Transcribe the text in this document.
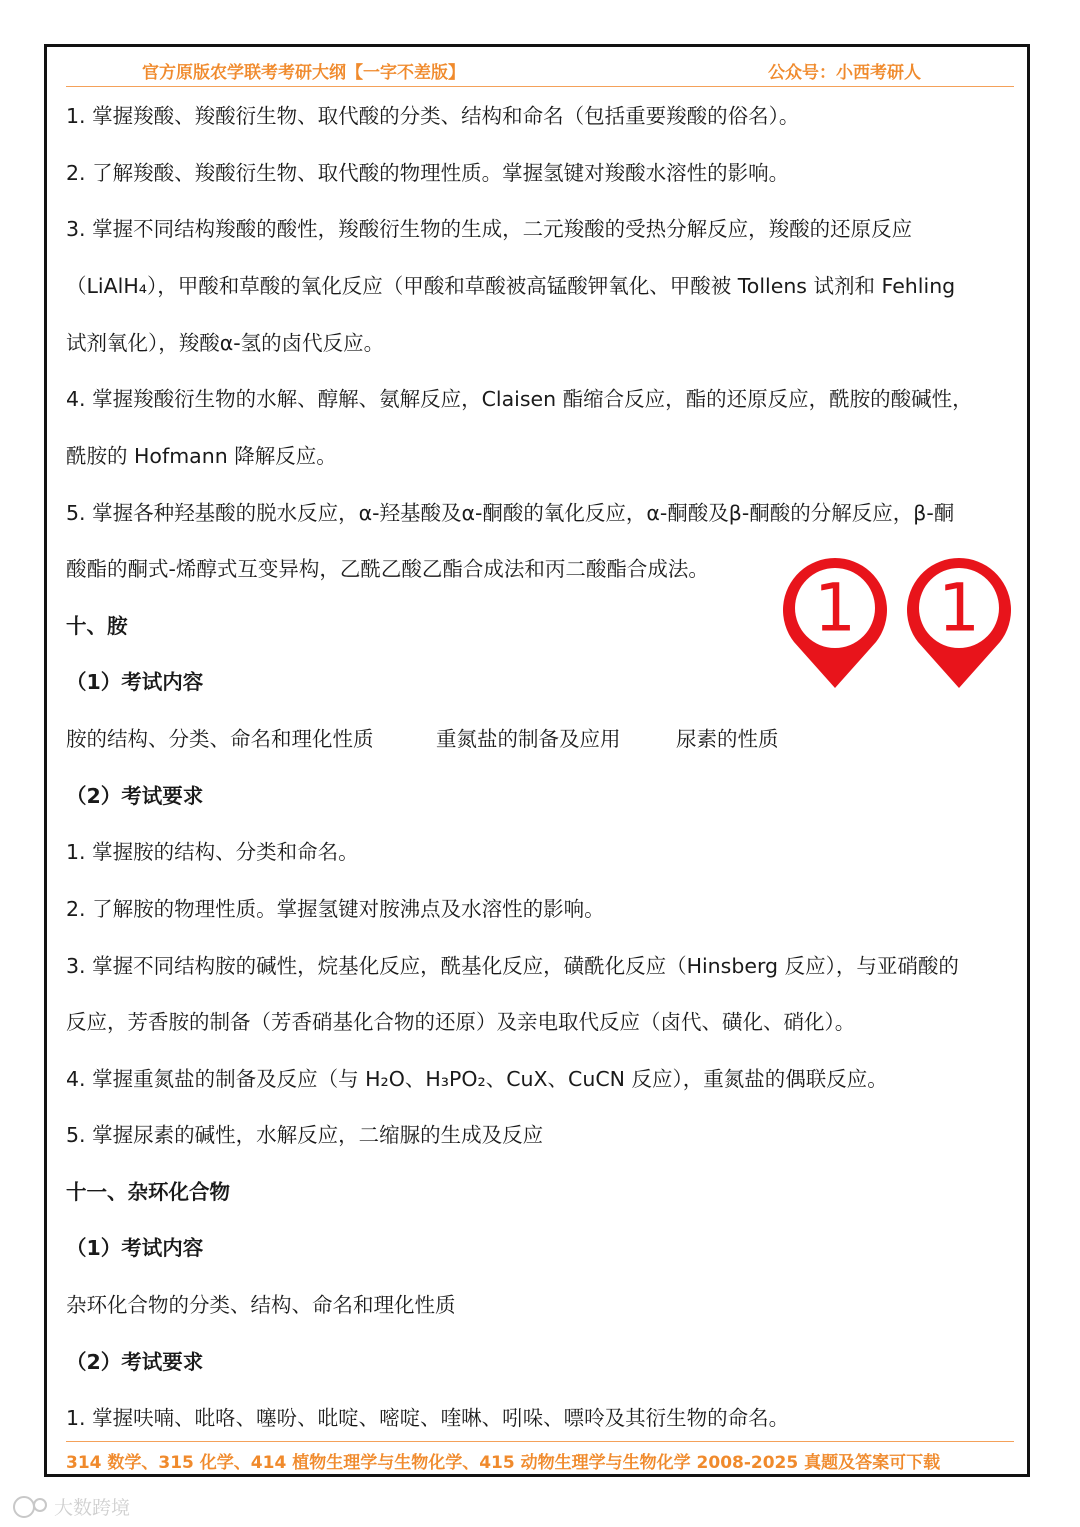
官方原版农学联考考研大纲【一字不差版】	公众号：小西考研人
1. 掌握羧酸、羧酸衍生物、取代酸的分类、结构和命名（包括重要羧酸的俗名）。
2. 了解羧酸、羧酸衍生物、取代酸的物理性质。掌握氢键对羧酸水溶性的影响。
3. 掌握不同结构羧酸的酸性，羧酸衍生物的生成，二元羧酸的受热分解反应，羧酸的还原反应
（LiAlH₄），甲酸和草酸的氧化反应（甲酸和草酸被高锰酸钾氧化、甲酸被 Tollens 试剂和 Fehling
试剂氧化），羧酸α-氢的卤代反应。
4. 掌握羧酸衍生物的水解、醇解、氨解反应，Claisen 酯缩合反应，酯的还原反应，酰胺的酸碱性，
酰胺的 Hofmann 降解反应。
5. 掌握各种羟基酸的脱水反应，α-羟基酸及α-酮酸的氧化反应，α-酮酸及β-酮酸的分解反应，β-酮
酸酯的酮式-烯醇式互变异构，乙酰乙酸乙酯合成法和丙二酸酯合成法。
十、胺
（1）考试内容
胺的结构、分类、命名和理化性质	重氮盐的制备及应用	尿素的性质
（2）考试要求
1. 掌握胺的结构、分类和命名。
2. 了解胺的物理性质。掌握氢键对胺沸点及水溶性的影响。
3. 掌握不同结构胺的碱性，烷基化反应，酰基化反应，磺酰化反应（Hinsberg 反应），与亚硝酸的
反应，芳香胺的制备（芳香硝基化合物的还原）及亲电取代反应（卤代、磺化、硝化）。
4. 掌握重氮盐的制备及反应（与 H₂O、H₃PO₂、CuX、CuCN 反应），重氮盐的偶联反应。
5. 掌握尿素的碱性，水解反应，二缩脲的生成及反应
十一、杂环化合物
（1）考试内容
杂环化合物的分类、结构、命名和理化性质
（2）考试要求
1. 掌握呋喃、吡咯、噻吩、吡啶、嘧啶、喹啉、吲哚、嘌呤及其衍生物的命名。
314 数学、315 化学、414 植物生理学与生物化学、415 动物生理学与生物化学 2008-2025 真题及答案可下载
1 1
大数跨境
